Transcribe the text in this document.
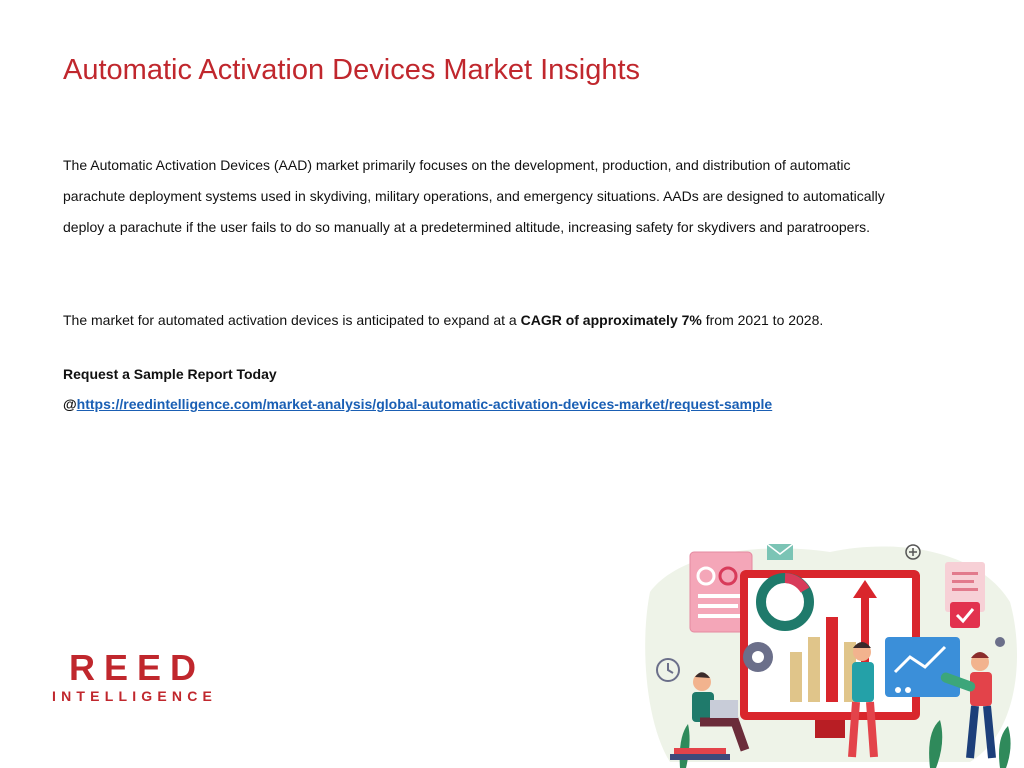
Automatic Activation Devices Market Insights

The Automatic Activation Devices (AAD) market primarily focuses on the development, production, and distribution of automatic parachute deployment systems used in skydiving, military operations, and emergency situations. AADs are designed to automatically deploy a parachute if the user fails to do so manually at a predetermined altitude, increasing safety for skydivers and paratroopers.

The market for automated activation devices is anticipated to expand at a CAGR of approximately 7% from 2021 to 2028.

Request a Sample Report Today
@https://reedintelligence.com/market-analysis/global-automatic-activation-devices-market/request-sample
REED
INTELLIGENCE
